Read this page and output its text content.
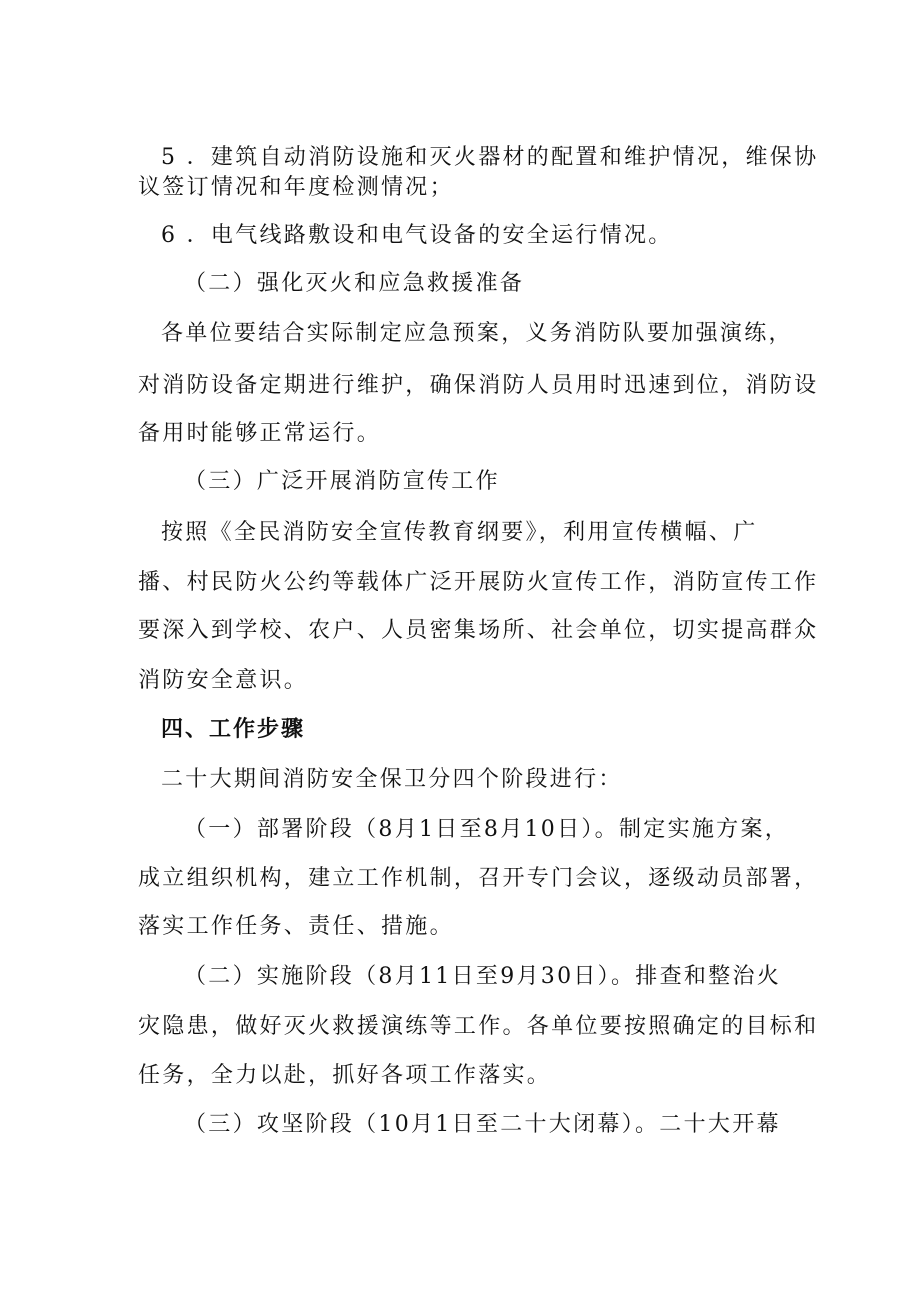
5 ．建筑自动消防设施和灭火器材的配置和维护情况，维保协
议签订情况和年度检测情况；
6 ．电气线路敷设和电气设备的安全运行情况。
（二）强化灭火和应急救援准备
各单位要结合实际制定应急预案，义务消防队要加强演练，
对消防设备定期进行维护，确保消防人员用时迅速到位，消防设
备用时能够正常运行。
（三）广泛开展消防宣传工作
按照《全民消防安全宣传教育纲要》，利用宣传横幅、广
播、村民防火公约等载体广泛开展防火宣传工作，消防宣传工作
要深入到学校、农户、人员密集场所、社会单位，切实提高群众
消防安全意识。
四、工作步骤
二十大期间消防安全保卫分四个阶段进行：
（一）部署阶段（8月1日至8月10日）。制定实施方案，
成立组织机构，建立工作机制，召开专门会议，逐级动员部署，
落实工作任务、责任、措施。
（二）实施阶段（8月11日至9月30日）。排查和整治火
灾隐患，做好灭火救援演练等工作。各单位要按照确定的目标和
任务，全力以赴，抓好各项工作落实。
（三）攻坚阶段（10月1日至二十大闭幕）。二十大开幕
